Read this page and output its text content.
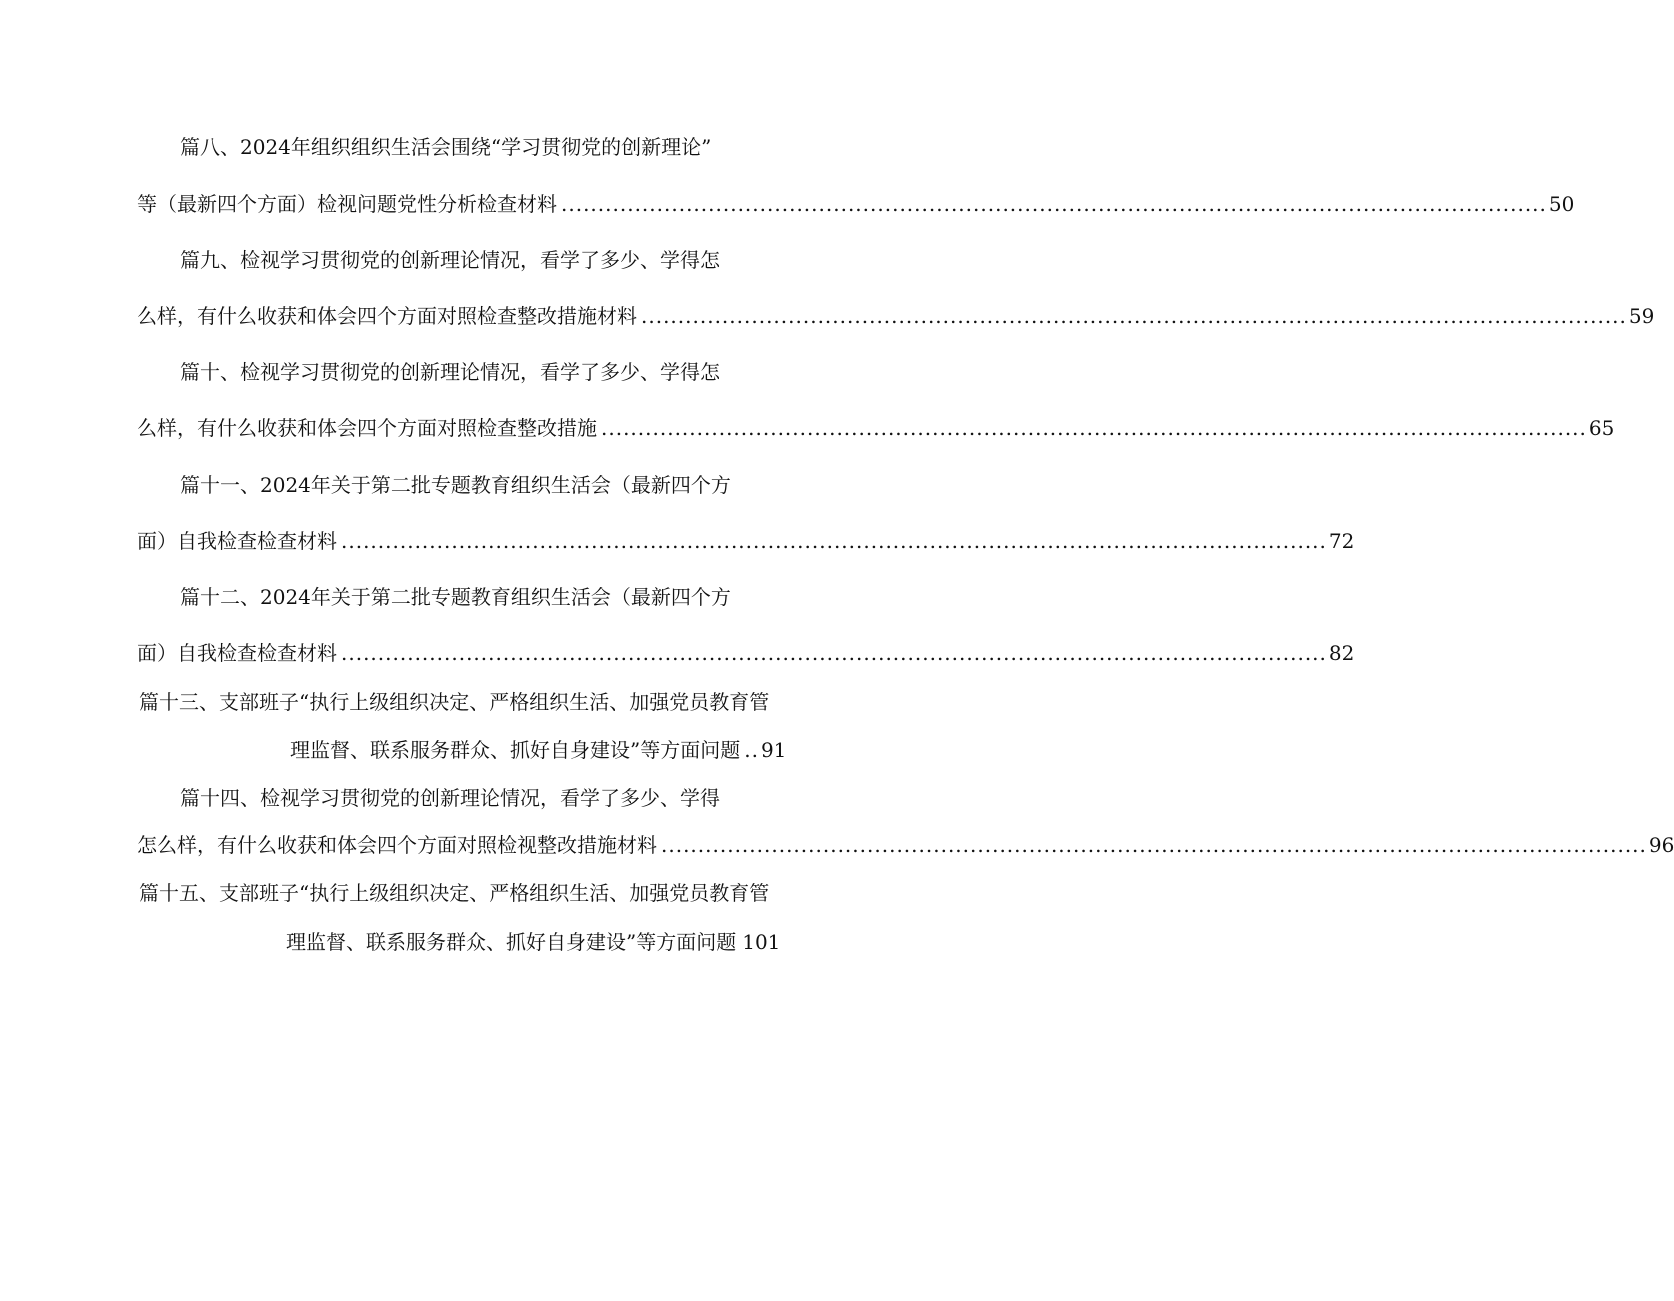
篇八、2024年组织组织生活会围绕“学习贯彻党的创新理论”
等（最新四个方面）检视问题党性分析检查材料 ...................................................................................................................................... 50
篇九、检视学习贯彻党的创新理论情况，看学了多少、学得怎
么样，有什么收获和体会四个方面对照检查整改措施材料 ...................................................................................................................................... 59
篇十、检视学习贯彻党的创新理论情况，看学了多少、学得怎
么样，有什么收获和体会四个方面对照检查整改措施 ...................................................................................................................................... 65
篇十一、2024年关于第二批专题教育组织生活会（最新四个方
面）自我检查检查材料 ...................................................................................................................................... 72
篇十二、2024年关于第二批专题教育组织生活会（最新四个方
面）自我检查检查材料 ...................................................................................................................................... 82
篇十三、支部班子“执行上级组织决定、严格组织生活、加强党员教育管
理监督、联系服务群众、抓好自身建设”等方面问题 .. 91
篇十四、检视学习贯彻党的创新理论情况，看学了多少、学得
怎么样，有什么收获和体会四个方面对照检视整改措施材料 ...................................................................................................................................... 96
篇十五、支部班子“执行上级组织决定、严格组织生活、加强党员教育管
理监督、联系服务群众、抓好自身建设”等方面问题 101
